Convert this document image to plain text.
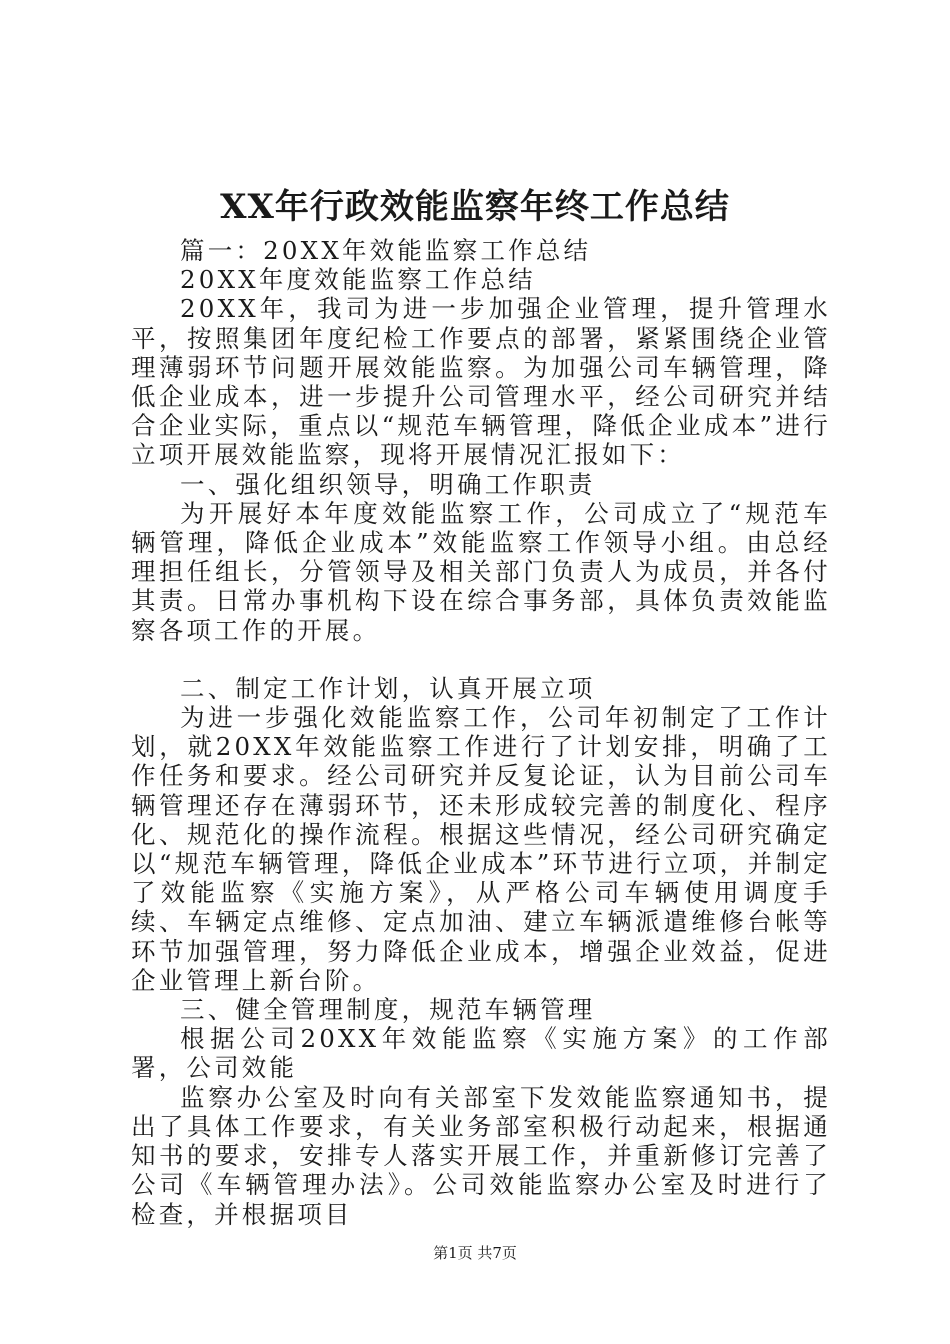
XX年行政效能监察年终工作总结

篇一：20XX年效能监察工作总结

20XX年度效能监察工作总结

20XX年，我司为进一步加强企业管理，提升管理水平，按照集团年度纪检工作要点的部署，紧紧围绕企业管理薄弱环节问题开展效能监察。为加强公司车辆管理，降低企业成本，进一步提升公司管理水平，经公司研究并结合企业实际，重点以“规范车辆管理，降低企业成本”进行立项开展效能监察，现将开展情况汇报如下：

一、强化组织领导，明确工作职责

为开展好本年度效能监察工作，公司成立了“规范车辆管理，降低企业成本”效能监察工作领导小组。由总经理担任组长，分管领导及相关部门负责人为成员，并各付其责。日常办事机构下设在综合事务部，具体负责效能监察各项工作的开展。

二、制定工作计划，认真开展立项

为进一步强化效能监察工作，公司年初制定了工作计划，就20XX年效能监察工作进行了计划安排，明确了工作任务和要求。经公司研究并反复论证，认为目前公司车辆管理还存在薄弱环节，还未形成较完善的制度化、程序化、规范化的操作流程。根据这些情况，经公司研究确定以“规范车辆管理，降低企业成本”环节进行立项，并制定了效能监察《实施方案》，从严格公司车辆使用调度手续、车辆定点维修、定点加油、建立车辆派遣维修台帐等环节加强管理，努力降低企业成本，增强企业效益，促进企业管理上新台阶。

三、健全管理制度，规范车辆管理

根据公司20XX年效能监察《实施方案》的工作部署，公司效能

监察办公室及时向有关部室下发效能监察通知书，提出了具体工作要求，有关业务部室积极行动起来，根据通知书的要求，安排专人落实开展工作，并重新修订完善了公司《车辆管理办法》。公司效能监察办公室及时进行了检查，并根据项目

第1页 共7页
